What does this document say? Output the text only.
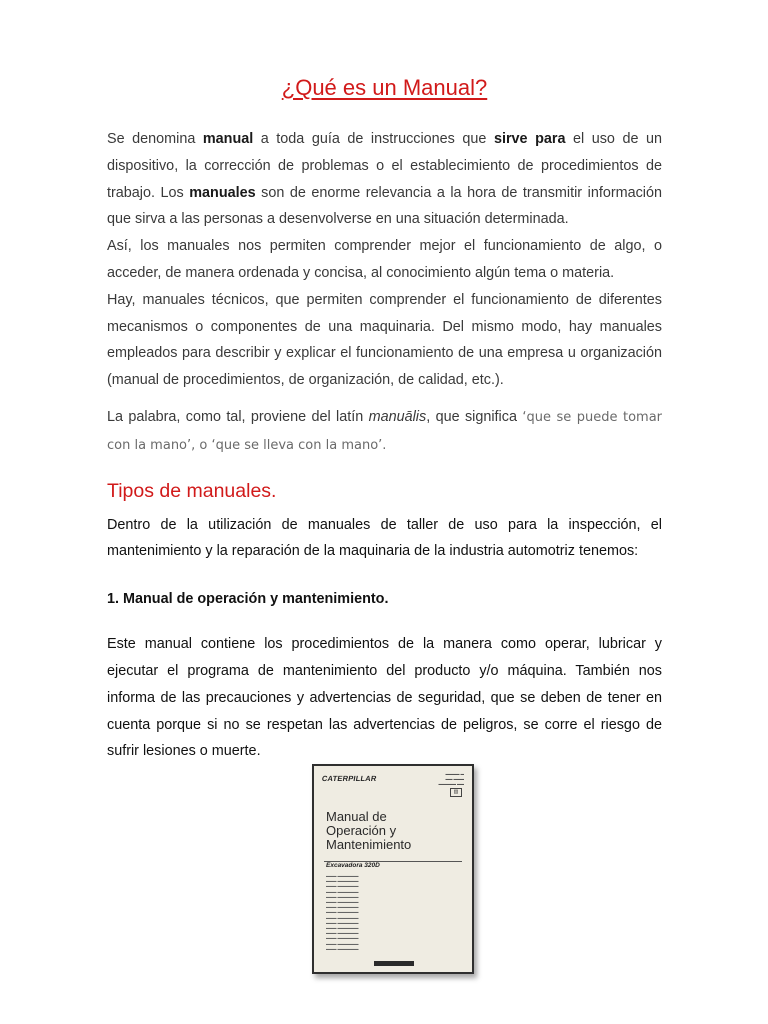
¿Qué es un Manual?

Se denomina manual a toda guía de instrucciones que sirve para el uso de un dispositivo, la corrección de problemas o el establecimiento de procedimientos de trabajo. Los manuales son de enorme relevancia a la hora de transmitir información que sirva a las personas a desenvolverse en una situación determinada.

Así, los manuales nos permiten comprender mejor el funcionamiento de algo, o acceder, de manera ordenada y concisa, al conocimiento algún tema o materia.

Hay, manuales técnicos, que permiten comprender el funcionamiento de diferentes mecanismos o componentes de una maquinaria. Del mismo modo, hay manuales empleados para describir y explicar el funcionamiento de una empresa u organización (manual de procedimientos, de organización, de calidad, etc.).

La palabra, como tal, proviene del latín manuālis, que significa ‘que se puede tomar con la mano’, o ‘que se lleva con la mano’.

Tipos de manuales.

Dentro de la utilización de manuales de taller de uso para la inspección, el mantenimiento y la reparación de la maquinaria de la industria automotriz tenemos:

1. Manual de operación y mantenimiento.

Este manual contiene los procedimientos de la manera como operar, lubricar y ejecutar el programa de mantenimiento del producto y/o máquina. También nos informa de las precauciones y advertencias de seguridad, que se deben de tener en cuenta porque si no se respetan las advertencias de peligros, se corre el riesgo de sufrir lesiones o muerte.

CATERPILLAR	▬▬▬▬ ▬
▬▬ ▬▬▬
▬▬▬▬▬ ▬▬
▥
Manual de
Operación y
Mantenimiento
Excavadora 320D
▬▬▬ ▬▬▬▬▬▬
▬▬▬ ▬▬▬▬▬▬
▬▬▬ ▬▬▬▬▬▬
▬▬▬ ▬▬▬▬▬▬
▬▬▬ ▬▬▬▬▬▬
▬▬▬ ▬▬▬▬▬▬
▬▬▬ ▬▬▬▬▬▬
▬▬▬ ▬▬▬▬▬▬
▬▬▬ ▬▬▬▬▬▬
▬▬▬ ▬▬▬▬▬▬
▬▬▬ ▬▬▬▬▬▬
▬▬▬ ▬▬▬▬▬▬
▬▬▬ ▬▬▬▬▬▬
▬▬▬ ▬▬▬▬▬▬
▬▬▬ ▬▬▬▬▬▬
